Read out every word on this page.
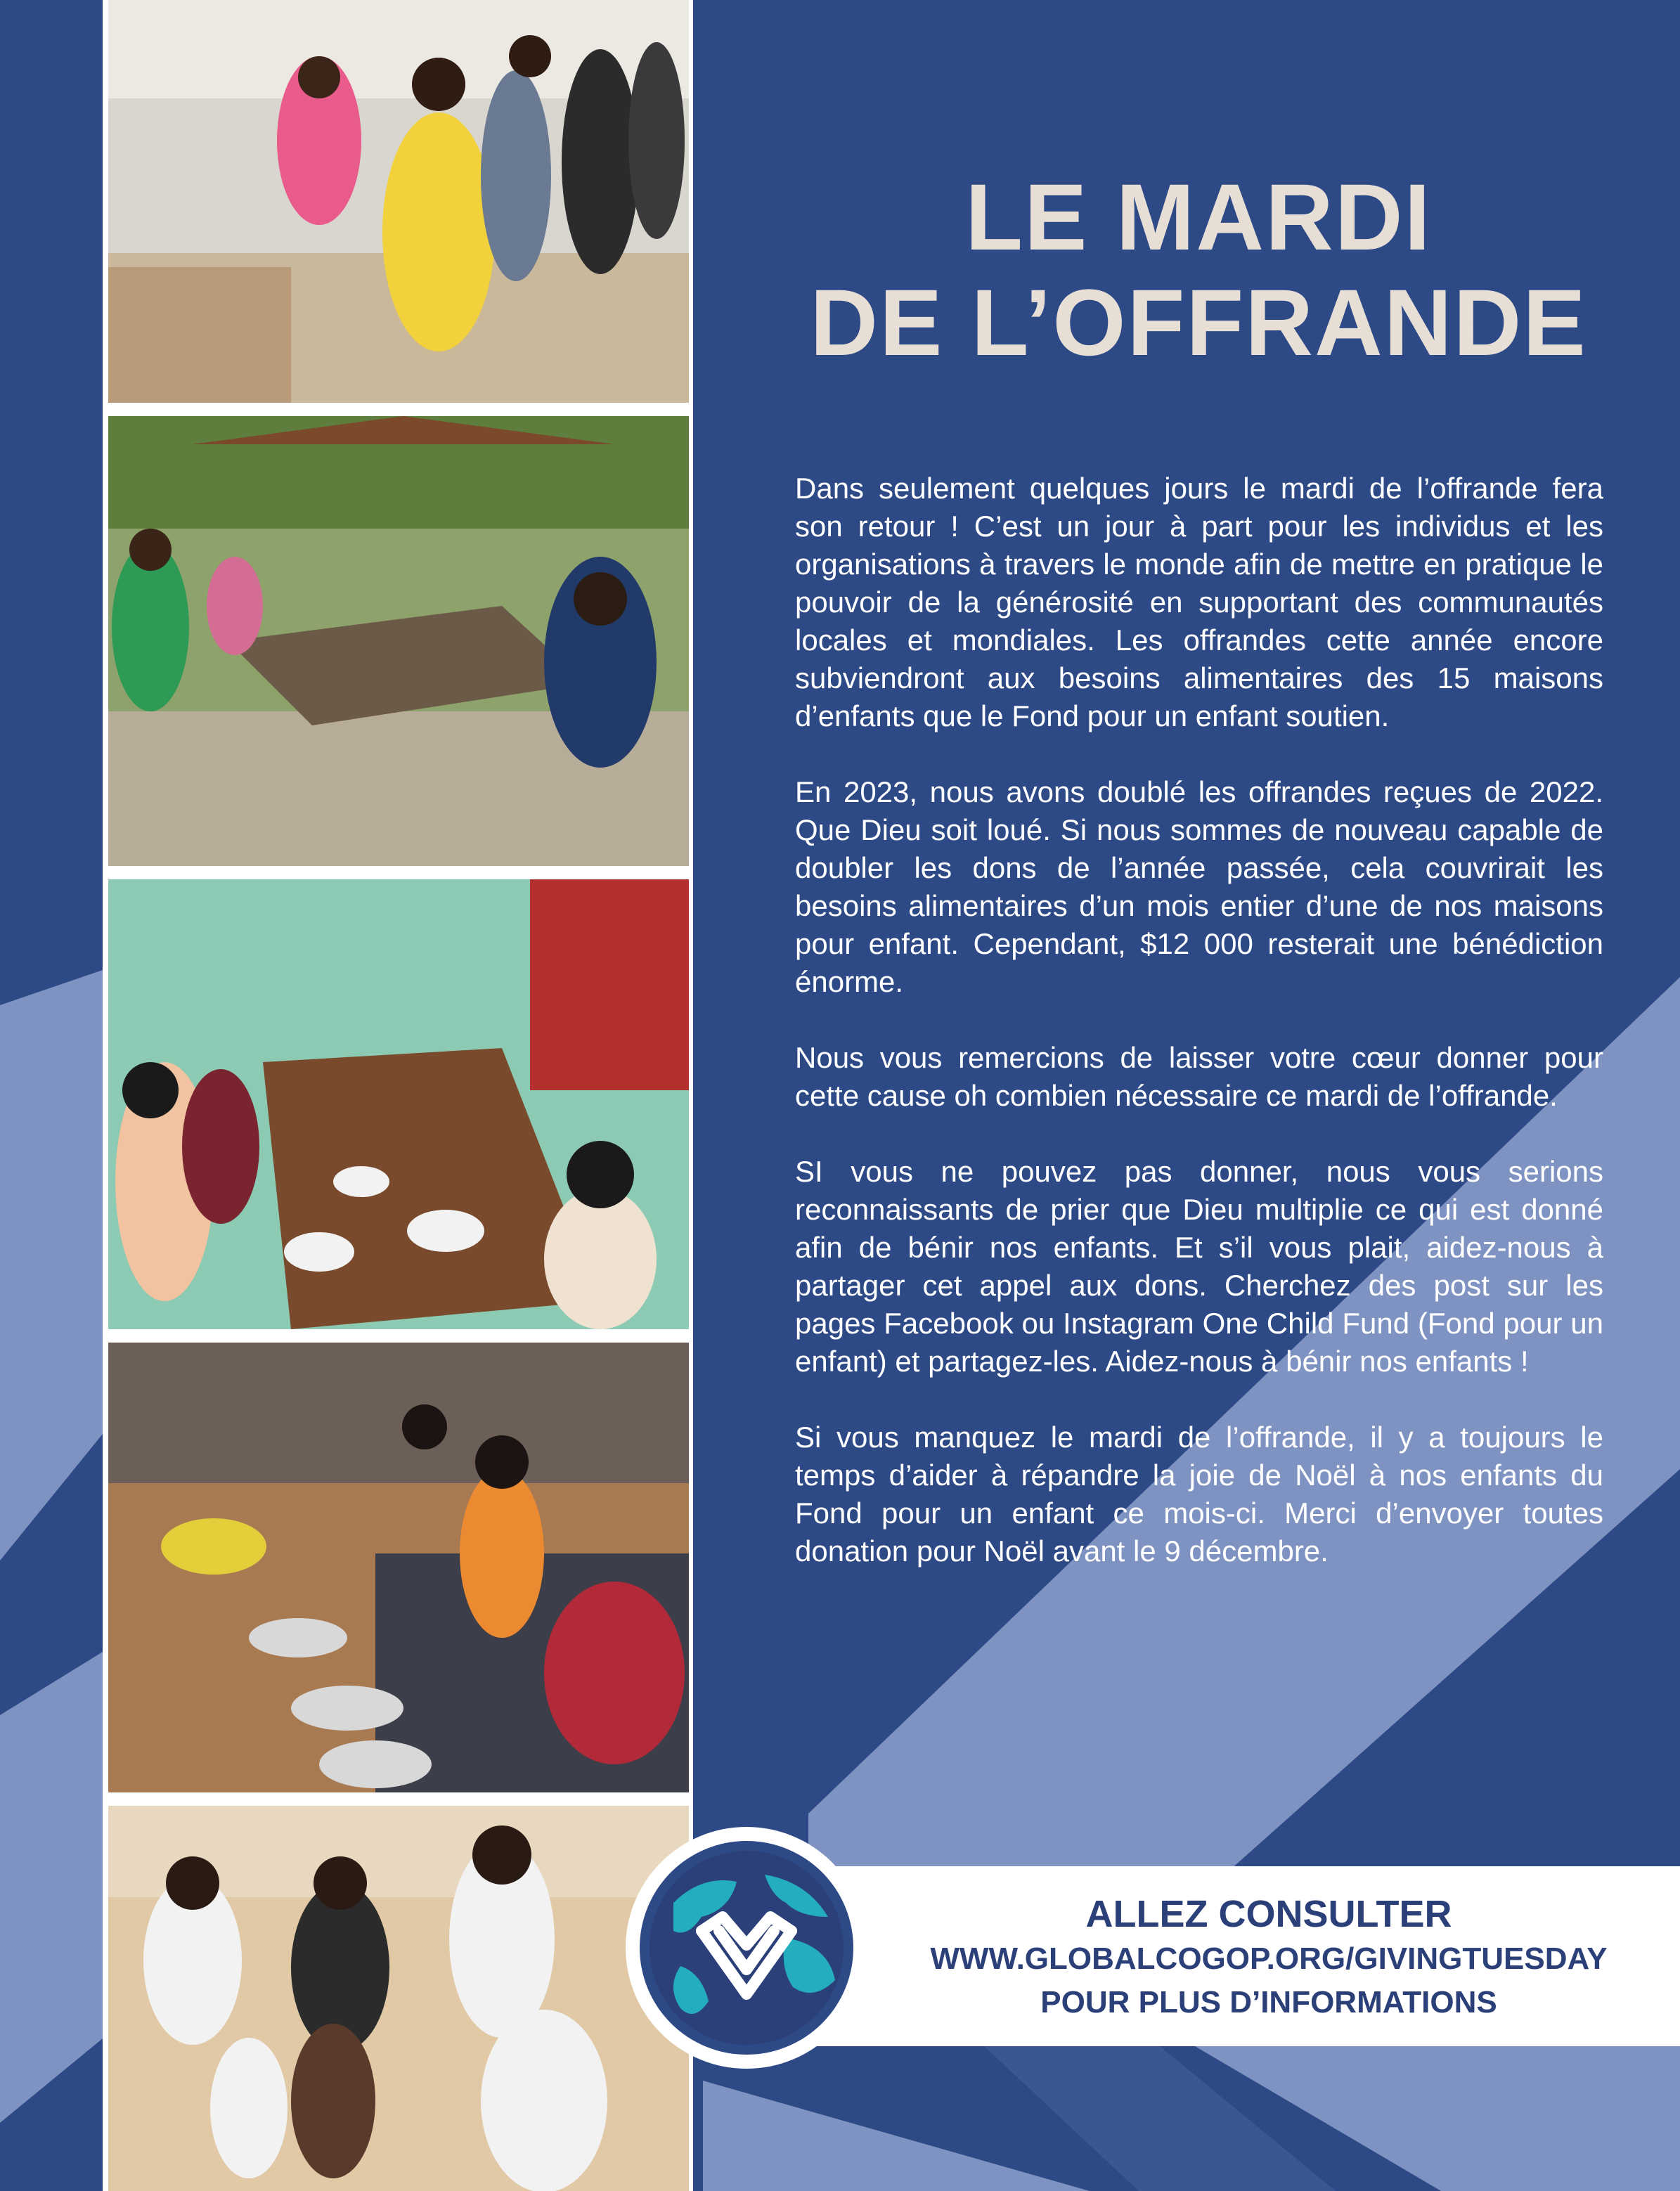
LE MARDI
DE L’OFFRANDE

Dans seulement quelques jours le mardi de l’offrande fera son retour ! C’est un jour à part pour les individus et les organisations à travers le monde afin de mettre en pratique le pouvoir de la générosité en supportant des communautés locales et mondiales. Les offrandes cette année encore subviendront aux besoins alimentaires des 15 maisons d’enfants que le Fond pour un enfant soutien.

En 2023, nous avons doublé les offrandes reçues de 2022. Que Dieu soit loué. Si nous sommes de nouveau capable de doubler les dons de l’année passée, cela couvrirait les besoins alimentaires d’un mois entier d’une de nos maisons pour enfant. Cependant, $12 000 resterait une bénédiction énorme.

Nous vous remercions de laisser votre cœur donner pour cette cause oh combien nécessaire ce mardi de l’offrande.

SI vous ne pouvez pas donner, nous vous serions reconnaissants de prier que Dieu multiplie ce qui est donné afin de bénir nos enfants. Et s’il vous plait, aidez-nous à partager cet appel aux dons. Cherchez des post sur les pages Facebook ou Instagram One Child Fund (Fond pour un enfant) et partagez-les. Aidez-nous à bénir nos enfants !

Si vous manquez le mardi de l’offrande, il y a toujours le temps d’aider à répandre la joie de Noël à nos enfants du Fond pour un enfant ce mois-ci. Merci d’envoyer toutes donation pour Noël avant le 9 décembre.

ALLEZ CONSULTER
WWW.GLOBALCOGOP.ORG/GIVINGTUESDAY
POUR PLUS D’INFORMATIONS
